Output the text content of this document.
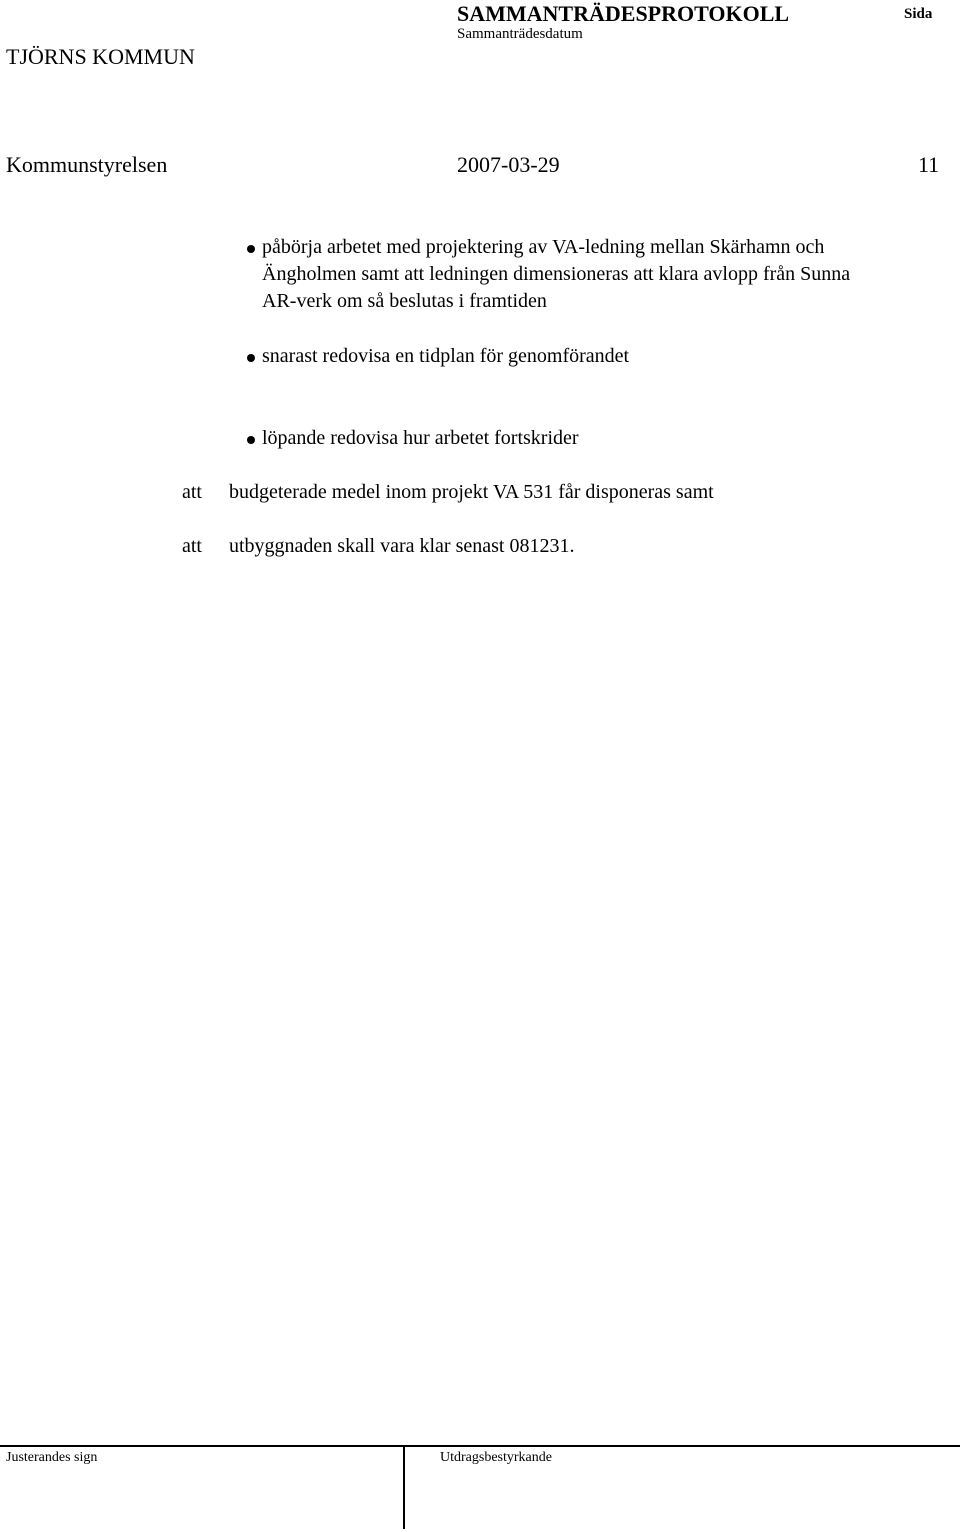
TJÖRNS KOMMUN
SAMMANTRÄDESPROTOKOLL
Sammanträdesdatum
Sida
Kommunstyrelsen	2007-03-29	11
påbörja arbetet med projektering av VA-ledning mellan Skärhamn och
Ängholmen samt att ledningen dimensioneras att klara avlopp från Sunna
AR-verk om så beslutas i framtiden
snarast redovisa en tidplan för genomförandet
löpande redovisa hur arbetet fortskrider
att budgeterade medel inom projekt VA 531 får disponeras samt
att utbyggnaden skall vara klar senast 081231.
Justerandes sign	Utdragsbestyrkande
